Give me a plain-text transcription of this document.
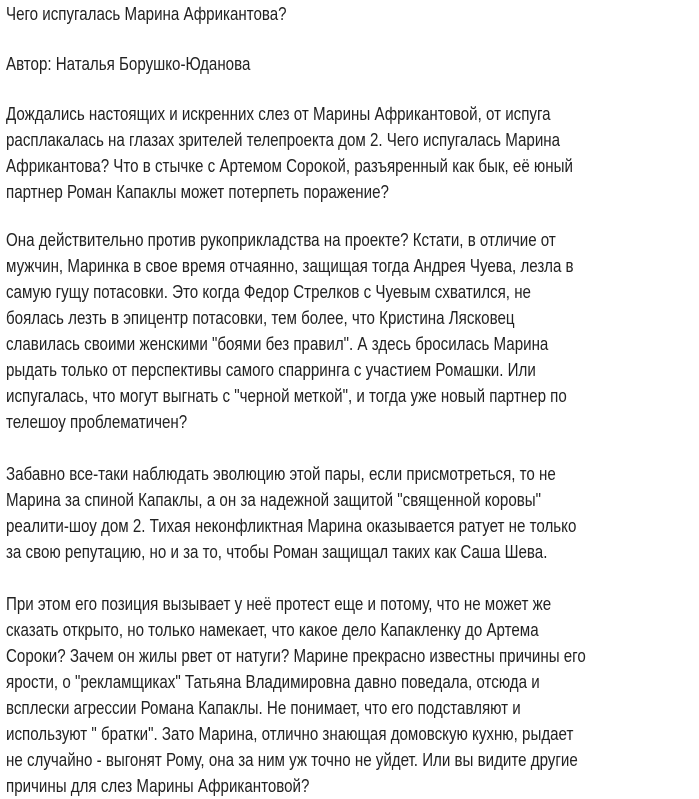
Чего испугалась Марина Африкантова?
Автор: Наталья Борушко-Юданова
Дождались настоящих и искренних слез от Марины Африкантовой, от испуга
расплакалась на глазах зрителей телепроекта дом 2. Чего испугалась Марина
Африкантова? Что в стычке с Артемом Сорокой, разъяренный как бык, её юный
партнер Роман Капаклы может потерпеть поражение?
Она действительно против рукоприкладства на проекте? Кстати, в отличие от
мужчин, Маринка в свое время отчаянно, защищая тогда Андрея Чуева, лезла в
самую гущу потасовки. Это когда Федор Стрелков с Чуевым схватился, не
боялась лезть в эпицентр потасовки, тем более, что Кристина Лясковец
славилась своими женскими "боями без правил". А здесь бросилась Марина
рыдать только от перспективы самого спарринга с участием Ромашки. Или
испугалась, что могут выгнать с "черной меткой", и тогда уже новый партнер по
телешоу проблематичен?
Забавно все-таки наблюдать эволюцию этой пары, если присмотреться, то не
Марина за спиной Капаклы, а он за надежной защитой "священной коровы"
реалити-шоу дом 2. Тихая неконфликтная Марина оказывается ратует не только
за свою репутацию, но и за то, чтобы Роман защищал таких как Саша Шева.
При этом его позиция вызывает у неё протест еще и потому, что не может же
сказать открыто, но только намекает, что какое дело Капакленку до Артема
Сороки? Зачем он жилы рвет от натуги? Марине прекрасно известны причины его
ярости, о "рекламщиках" Татьяна Владимировна давно поведала, отсюда и
всплески агрессии Романа Капаклы. Не понимает, что его подставляют и
используют " братки". Зато Марина, отлично знающая домовскую кухню, рыдает
не случайно - выгонят Рому, она за ним уж точно не уйдет. Или вы видите другие
причины для слез Марины Африкантовой?
